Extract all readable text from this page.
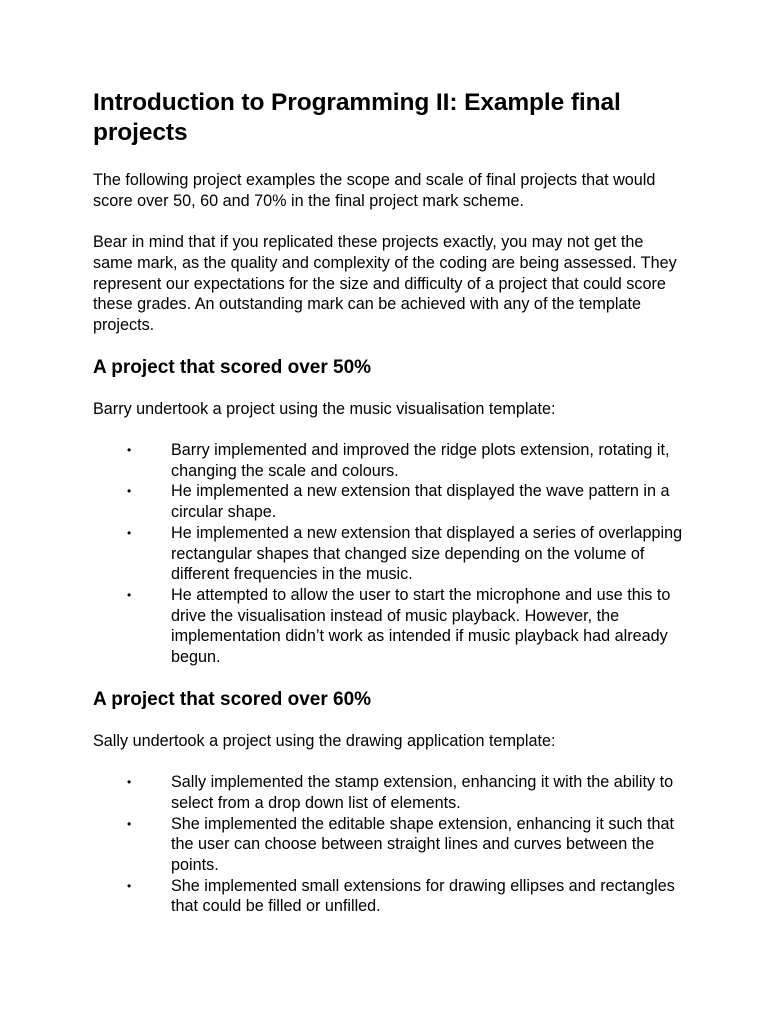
Introduction to Programming II: Example final projects

The following project examples the scope and scale of final projects that would score over 50, 60 and 70% in the final project mark scheme.

Bear in mind that if you replicated these projects exactly, you may not get the same mark, as the quality and complexity of the coding are being assessed. They represent our expectations for the size and difficulty of a project that could score these grades. An outstanding mark can be achieved with any of the template projects.

A project that scored over 50%

Barry undertook a project using the music visualisation template:

• Barry implemented and improved the ridge plots extension, rotating it, changing the scale and colours.
• He implemented a new extension that displayed the wave pattern in a circular shape.
• He implemented a new extension that displayed a series of overlapping rectangular shapes that changed size depending on the volume of different frequencies in the music.
• He attempted to allow the user to start the microphone and use this to drive the visualisation instead of music playback. However, the implementation didn’t work as intended if music playback had already begun.
A project that scored over 60%

Sally undertook a project using the drawing application template:

• Sally implemented the stamp extension, enhancing it with the ability to select from a drop down list of elements.
• She implemented the editable shape extension, enhancing it such that the user can choose between straight lines and curves between the points.
• She implemented small extensions for drawing ellipses and rectangles that could be filled or unfilled.
